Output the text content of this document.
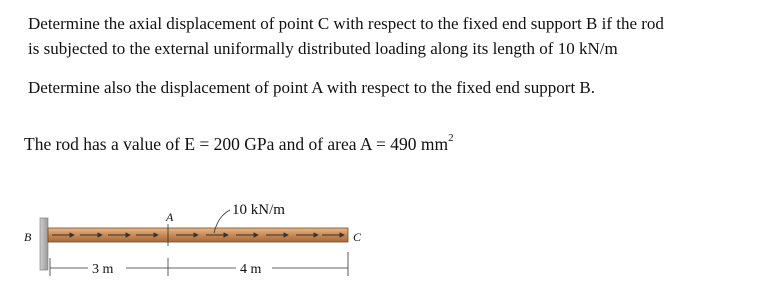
Determine the axial displacement of point C with respect to the fixed end support B if the rod
is subjected to the external uniformally distributed loading along its length of 10 kN/m
Determine also the displacement of point A with respect to the fixed end support B.
The rod has a value of E = 200 GPa and of area A = 490 $mm^2$
B
A
C
10 kN/m
3 m	4 m
